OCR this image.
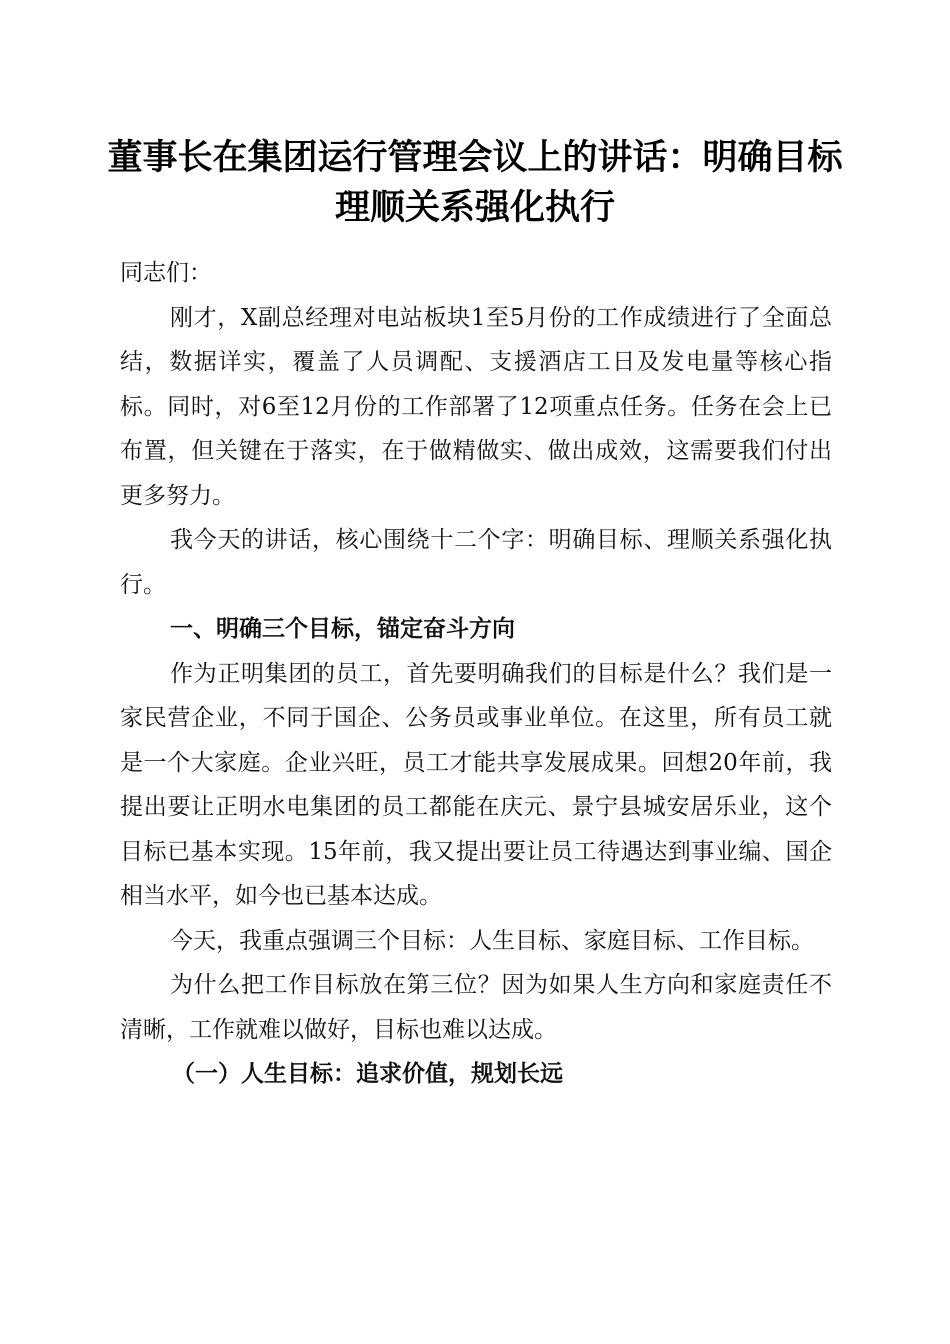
董事长在集团运行管理会议上的讲话：明确目标理顺关系强化执行

同志们：

刚才，X副总经理对电站板块1至5月份的工作成绩进行了全面总结，数据详实，覆盖了人员调配、支援酒店工日及发电量等核心指标。同时，对6至12月份的工作部署了12项重点任务。任务在会上已布置，但关键在于落实，在于做精做实、做出成效，这需要我们付出更多努力。

我今天的讲话，核心围绕十二个字：明确目标、理顺关系强化执行。

一、明确三个目标，锚定奋斗方向

作为正明集团的员工，首先要明确我们的目标是什么？我们是一家民营企业，不同于国企、公务员或事业单位。在这里，所有员工就是一个大家庭。企业兴旺，员工才能共享发展成果。回想20年前，我提出要让正明水电集团的员工都能在庆元、景宁县城安居乐业，这个目标已基本实现。15年前，我又提出要让员工待遇达到事业编、国企相当水平，如今也已基本达成。

今天，我重点强调三个目标：人生目标、家庭目标、工作目标。

为什么把工作目标放在第三位？因为如果人生方向和家庭责任不清晰，工作就难以做好，目标也难以达成。

（一）人生目标：追求价值，规划长远
